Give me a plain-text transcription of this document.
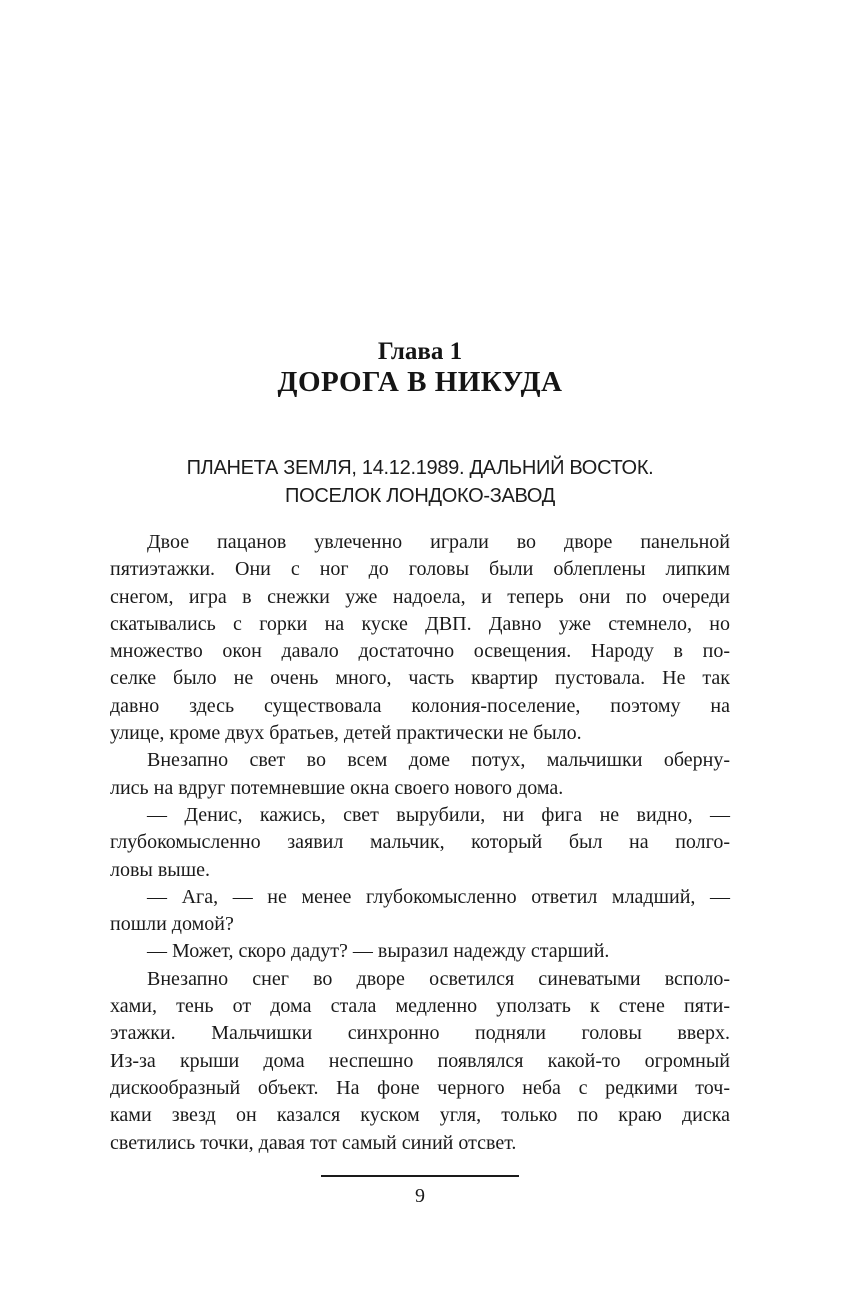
Глава 1
ДОРОГА В НИКУДА
ПЛАНЕТА ЗЕМЛЯ, 14.12.1989. ДАЛЬНИЙ ВОСТОК.
ПОСЕЛОК ЛОНДОКО-ЗАВОД
Двое пацанов увлеченно играли во дворе панельной
пятиэтажки. Они с ног до головы были облеплены липким
снегом, игра в снежки уже надоела, и теперь они по очереди
скатывались с горки на куске ДВП. Давно уже стемнело, но
множество окон давало достаточно освещения. Народу в по-
селке было не очень много, часть квартир пустовала. Не так
давно здесь существовала колония-поселение, поэтому на
улице, кроме двух братьев, детей практически не было.
Внезапно свет во всем доме потух, мальчишки оберну-
лись на вдруг потемневшие окна своего нового дома.
— Денис, кажись, свет вырубили, ни фига не видно, —
глубокомысленно заявил мальчик, который был на полго-
ловы выше.
— Ага, — не менее глубокомысленно ответил младший, —
пошли домой?
— Может, скоро дадут? — выразил надежду старший.
Внезапно снег во дворе осветился синеватыми всполо-
хами, тень от дома стала медленно уползать к стене пяти-
этажки. Мальчишки синхронно подняли головы вверх.
Из-за крыши дома неспешно появлялся какой-то огромный
дискообразный объект. На фоне черного неба с редкими точ-
ками звезд он казался куском угля, только по краю диска
светились точки, давая тот самый синий отсвет.
9
